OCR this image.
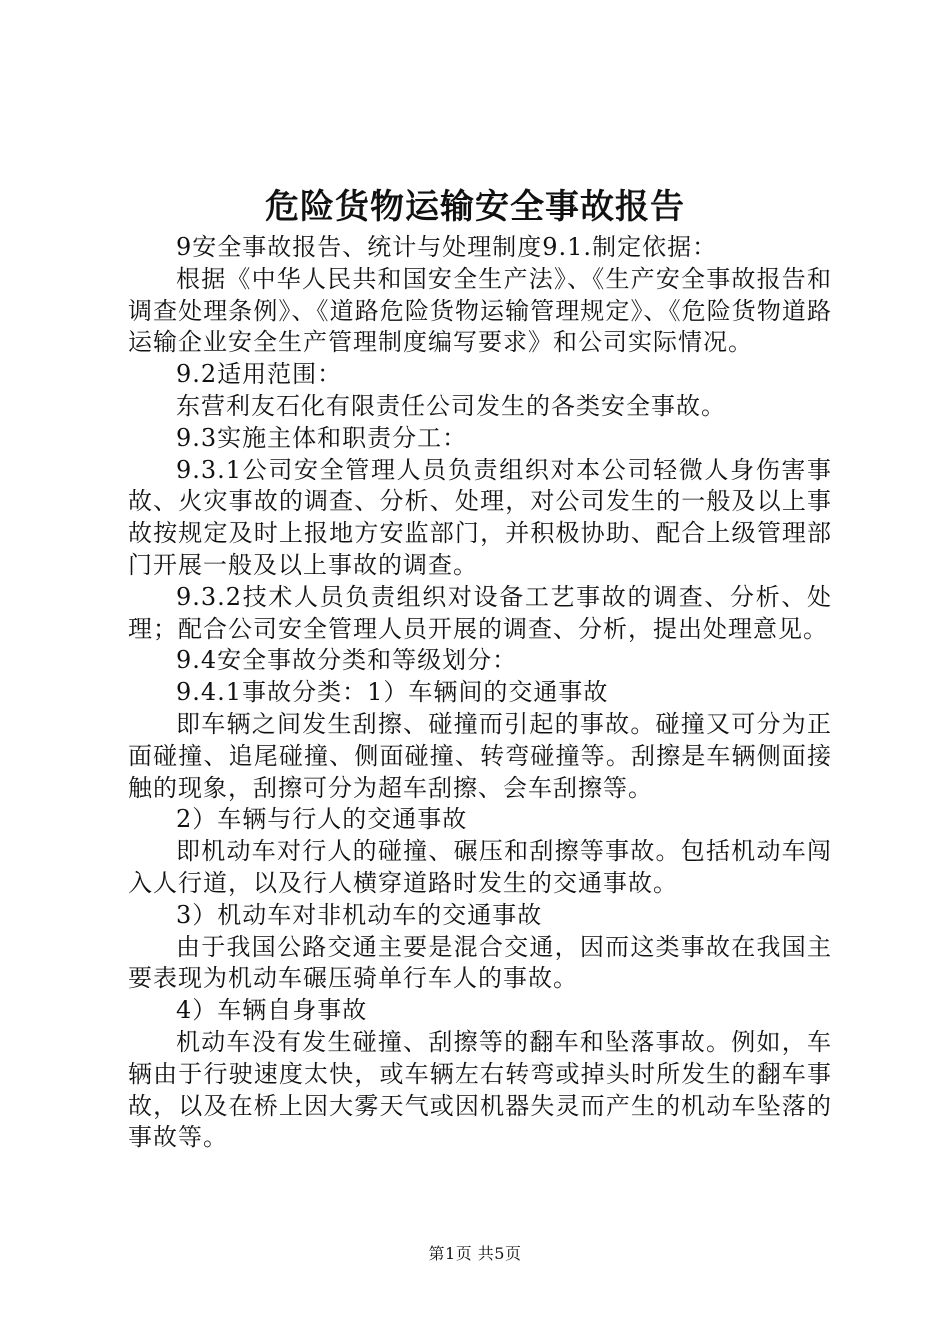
危险货物运输安全事故报告

9安全事故报告、统计与处理制度9.1.制定依据：

根据《中华人民共和国安全生产法》、《生产安全事故报告和调查处理条例》、《道路危险货物运输管理规定》、《危险货物道路运输企业安全生产管理制度编写要求》和公司实际情况。

9.2适用范围：

东营利友石化有限责任公司发生的各类安全事故。

9.3实施主体和职责分工：

9.3.1公司安全管理人员负责组织对本公司轻微人身伤害事故、火灾事故的调查、分析、处理，对公司发生的一般及以上事故按规定及时上报地方安监部门，并积极协助、配合上级管理部门开展一般及以上事故的调查。

9.3.2技术人员负责组织对设备工艺事故的调查、分析、处理；配合公司安全管理人员开展的调查、分析，提出处理意见。

9.4安全事故分类和等级划分：

9.4.1事故分类：1）车辆间的交通事故

即车辆之间发生刮擦、碰撞而引起的事故。碰撞又可分为正面碰撞、追尾碰撞、侧面碰撞、转弯碰撞等。刮擦是车辆侧面接触的现象，刮擦可分为超车刮擦、会车刮擦等。

2）车辆与行人的交通事故

即机动车对行人的碰撞、碾压和刮擦等事故。包括机动车闯入人行道，以及行人横穿道路时发生的交通事故。

3）机动车对非机动车的交通事故

由于我国公路交通主要是混合交通，因而这类事故在我国主要表现为机动车碾压骑单行车人的事故。

4）车辆自身事故

机动车没有发生碰撞、刮擦等的翻车和坠落事故。例如，车辆由于行驶速度太快，或车辆左右转弯或掉头时所发生的翻车事故，以及在桥上因大雾天气或因机器失灵而产生的机动车坠落的事故等。

第1页 共5页
